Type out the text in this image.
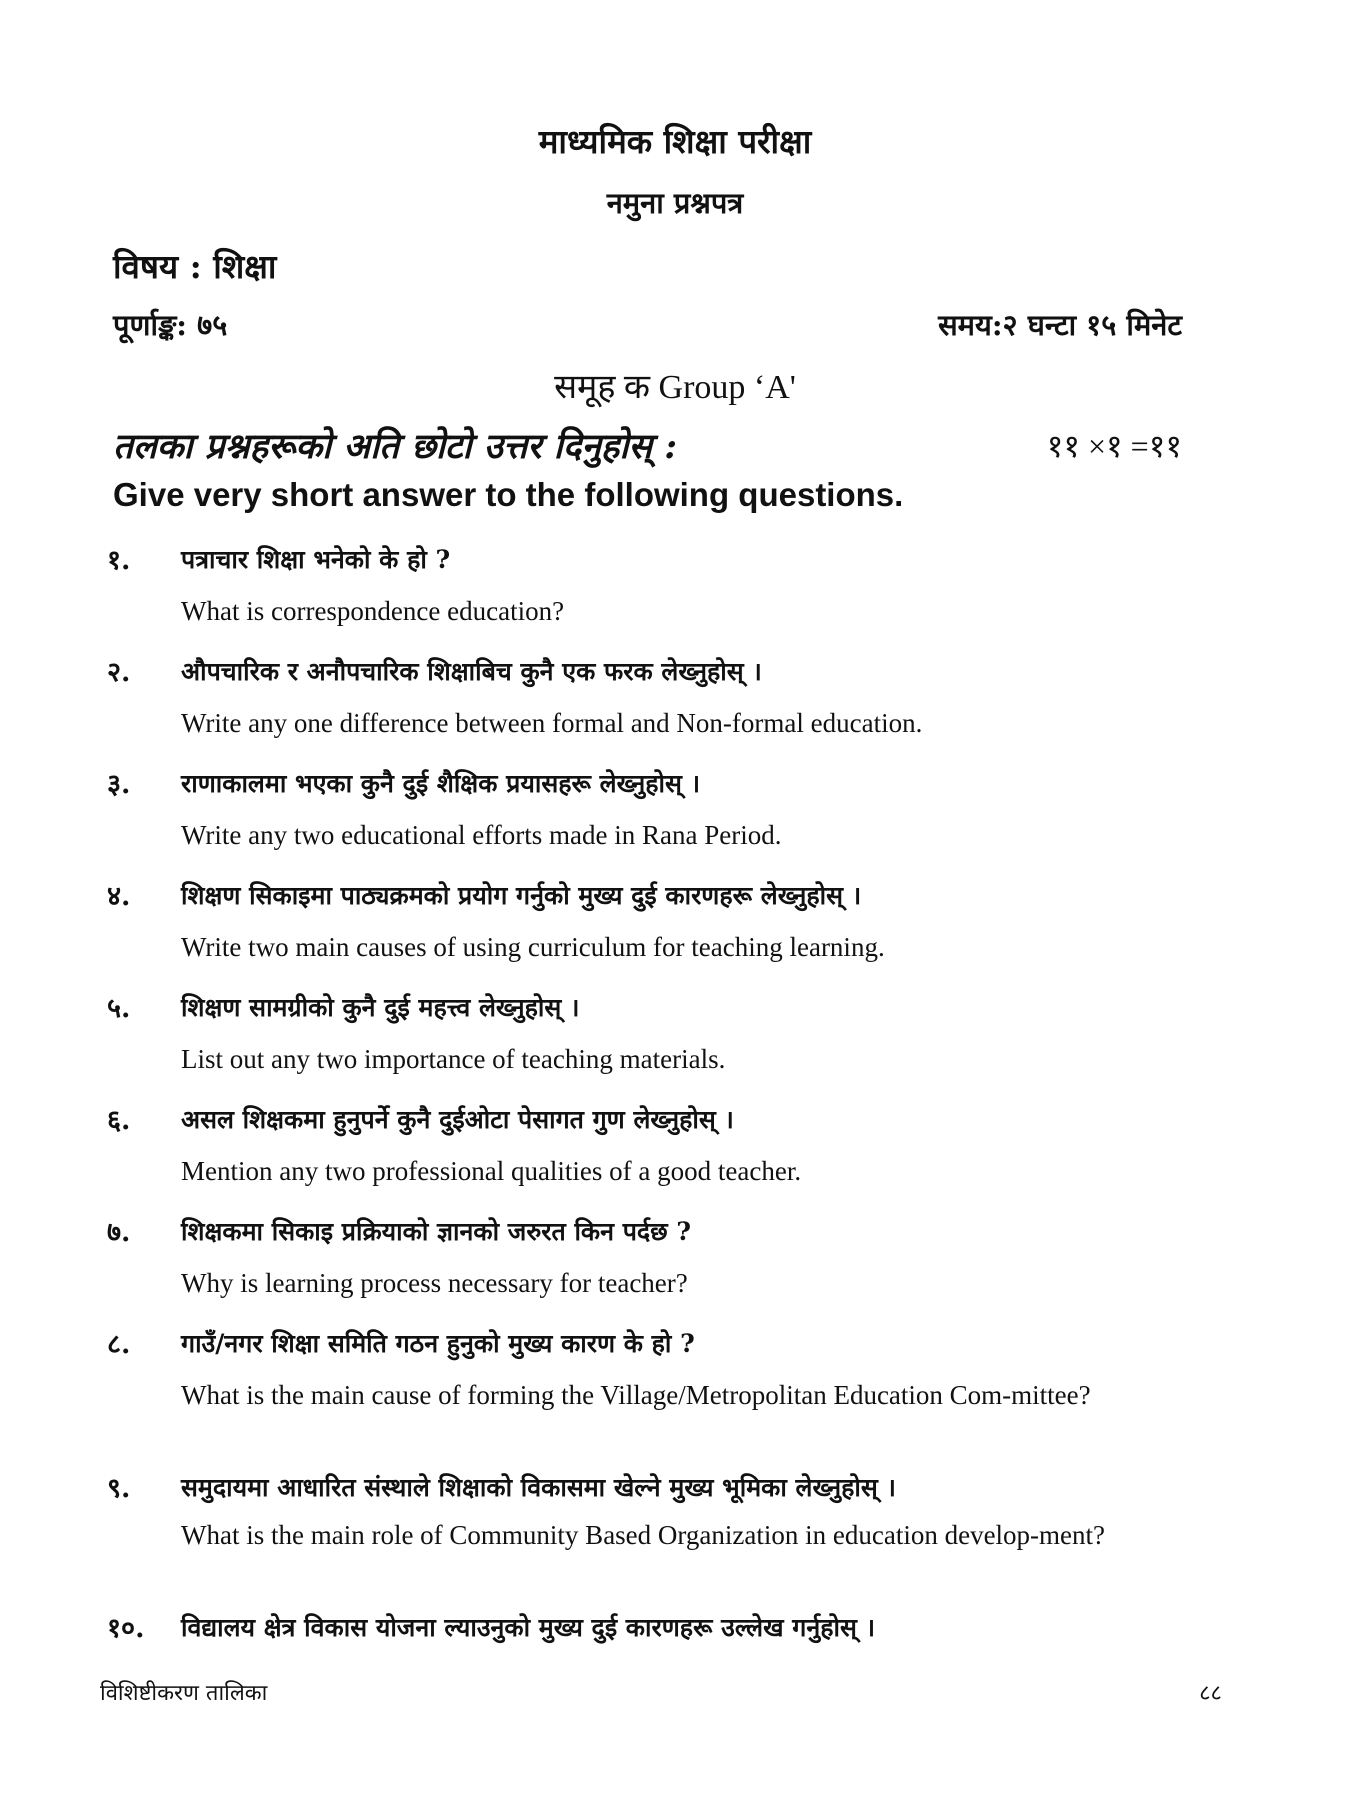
माध्यमिक शिक्षा परीक्षा
नमुना प्रश्नपत्र
विषय : शिक्षा
पूर्णाङ्क: ७५	समय:२ घन्टा १५ मिनेट
समूह क Group ‘A'
तलका प्रश्नहरूको अति छोटो उत्तर दिनुहोस् :	११ ×१ =११
Give very short answer to the following questions.
१. पत्राचार शिक्षा भनेको के हो ?
What is correspondence education?
२. औपचारिक र अनौपचारिक शिक्षाबिच कुनै एक फरक लेख्नुहोस् ।
Write any one difference between formal and Non-formal education.
३. राणाकालमा भएका कुनै दुई शैक्षिक प्रयासहरू लेख्नुहोस् ।
Write any two educational efforts made in Rana Period.
४. शिक्षण सिकाइमा पाठ्यक्रमको प्रयोग गर्नुको मुख्य दुई कारणहरू लेख्नुहोस् ।
Write two main causes of using curriculum for teaching learning.
५. शिक्षण सामग्रीको कुनै दुई महत्त्व लेख्नुहोस् ।
List out any two importance of teaching materials.
६. असल शिक्षकमा हुनुपर्ने कुनै दुईओटा पेसागत गुण लेख्नुहोस् ।
Mention any two professional qualities of a good teacher.
७. शिक्षकमा सिकाइ प्रक्रियाको ज्ञानको जरुरत किन पर्दछ ?
Why is learning process necessary for teacher?
८. गाउँ/नगर शिक्षा समिति गठन हुनुको मुख्य कारण के हो ?
What is the main cause of forming the Village/Metropolitan Education Com-mittee?
९. समुदायमा आधारित संस्थाले शिक्षाको विकासमा खेल्ने मुख्य भूमिका लेख्नुहोस् ।
What is the main role of Community Based Organization in education develop-ment?
१०. विद्यालय क्षेत्र विकास योजना ल्याउनुको मुख्य दुई कारणहरू उल्लेख गर्नुहोस् ।
विशिष्टीकरण तालिका	८८
